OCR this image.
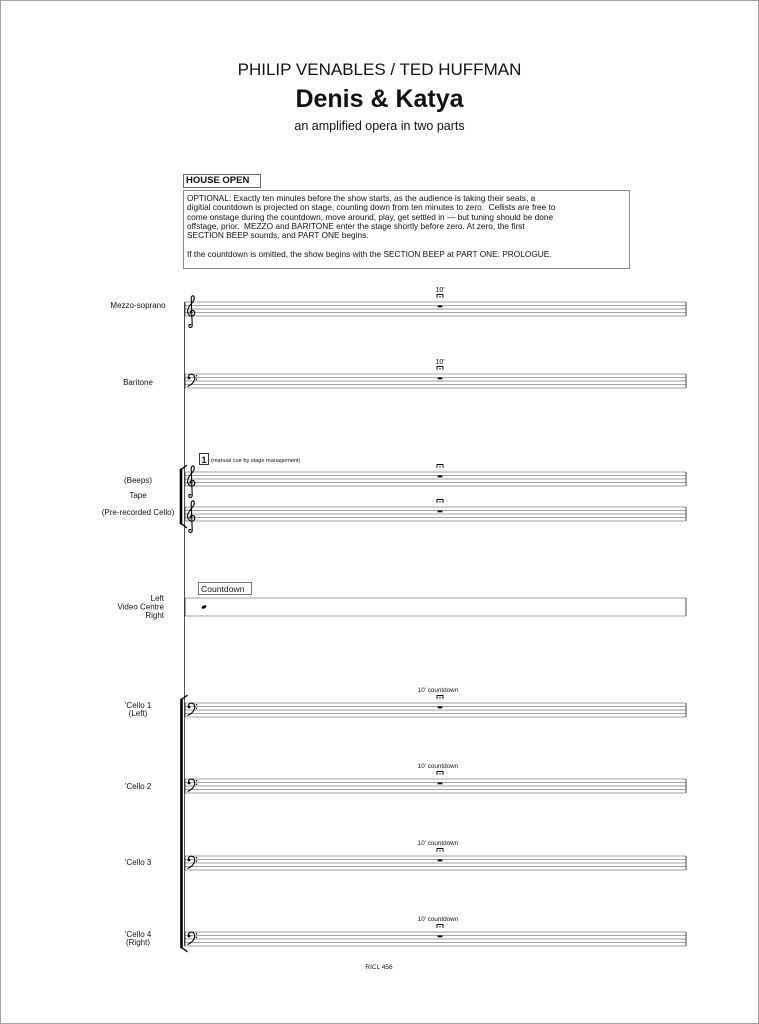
10'
10'
10' countdown
10' countdown
10' countdown
10' countdown
Mezzo-soprano
Baritone
(Beeps)
Tape
(Pre-recorded Cello)
Left
Video Centre
Right
’Cello 1
(Left)
’Cello 2
’Cello 3
’Cello 4
(Right)
1 (manual cue by stage management)
Countdown
RICL 456
PHILIP VENABLES / TED HUFFMAN
Denis & Katya
an amplified opera in two parts
HOUSE OPEN
OPTIONAL: Exactly ten minutes before the show starts, as the audience is taking their seats, a
digitial countdown is projected on stage, counting down from ten minutes to zero.  Cellists are free to
come onstage during the countdown, move around, play, get settled in — but tuning should be done
offstage, prior.  MEZZO and BARITONE enter the stage shortly before zero. At zero, the first
SECTION BEEP sounds, and PART ONE begins.
If the countdown is omitted, the show begins with the SECTION BEEP at PART ONE: PROLOGUE.
